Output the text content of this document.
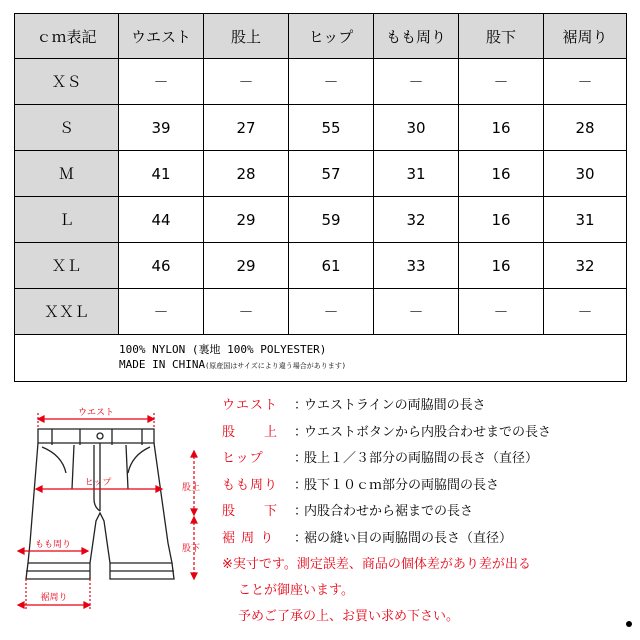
ｃｍ表記	ウエスト	股上	ヒップ	もも周り	股下	裾周り
ＸＳ	－	－	－	－	－	－
Ｓ	39	27	55	30	16	28
Ｍ	41	28	57	31	16	30
Ｌ	44	29	59	32	16	31
ＸＬ	46	29	61	33	16	32
ＸＸＬ	－	－	－	－	－	－

100% NYLON (裏地 100% POLYESTER)
MADE IN CHINA(原産国はサイズにより違う場合があります)						
ウエスト
ヒップ	股上
股下
もも周り
裾周り
ウエスト ：ウエストラインの両脇間の長さ
股　　上 ：ウエストボタンから内股合わせまでの長さ
ヒップ ：股上１／３部分の両脇間の長さ（直径）
もも周り ：股下１０ｃｍ部分の両脇間の長さ
股　　下 ：内股合わせから裾までの長さ
裾 周 り ：裾の縫い目の両脇間の長さ（直径）
※実寸です。測定誤差、商品の個体差があり差が出る
ことが御座います。
予めご了承の上、お買い求め下さい。
